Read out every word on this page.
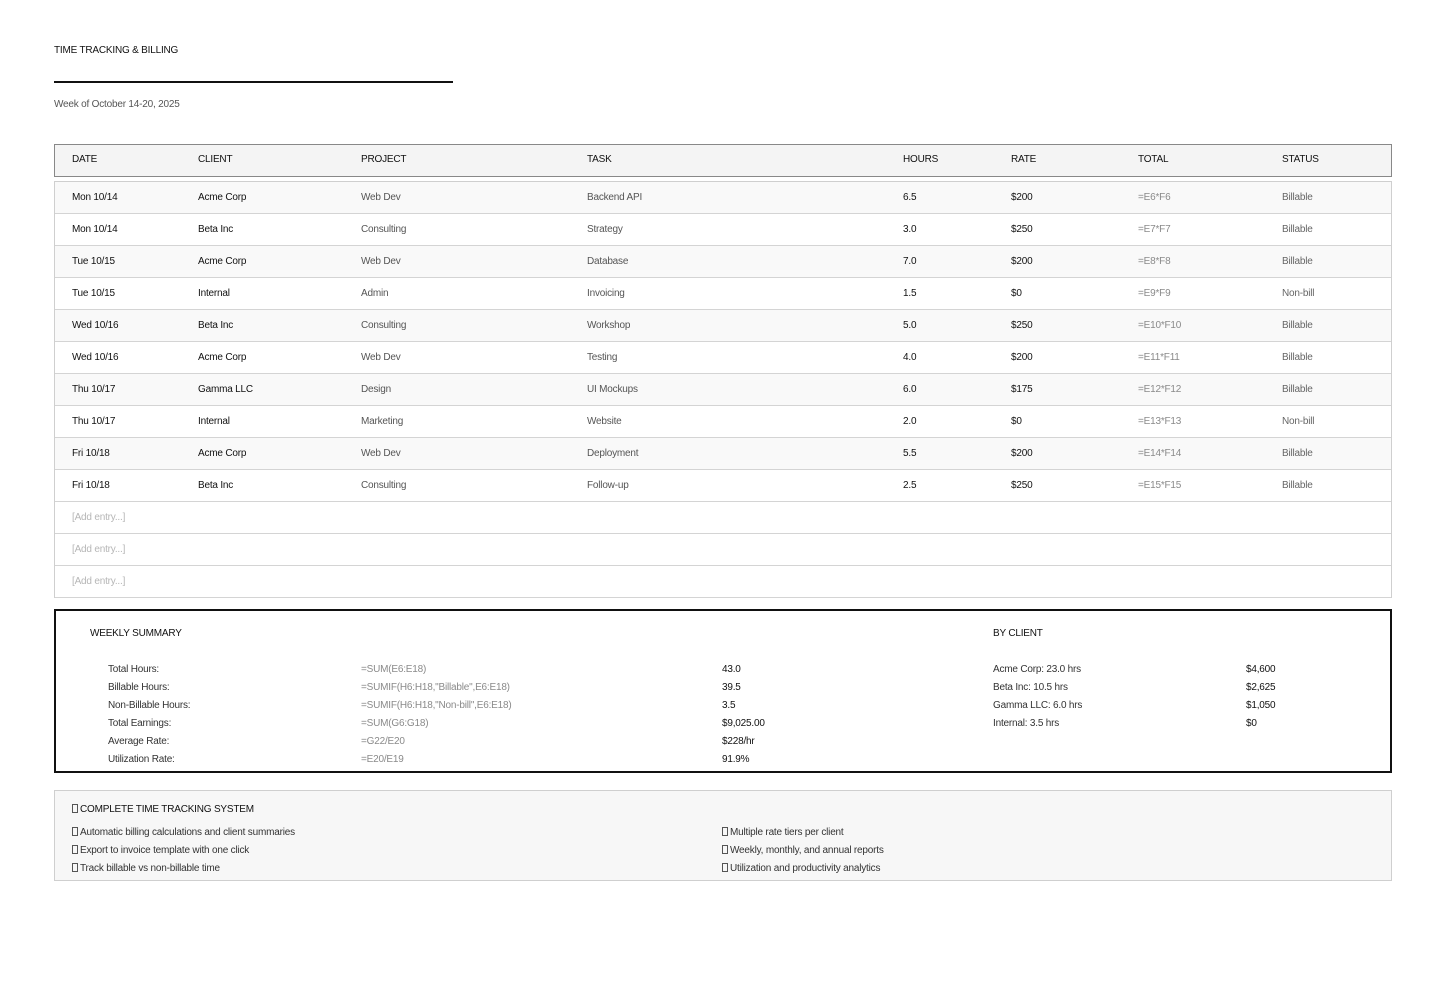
TIME TRACKING & BILLING
Week of October 14-20, 2025
DATE	CLIENT	PROJECT	TASK	HOURS	RATE	TOTAL	STATUS
Mon 10/14	Acme Corp	Web Dev	Backend API	6.5	$200	=E6*F6	Billable
Mon 10/14	Beta Inc	Consulting	Strategy	3.0	$250	=E7*F7	Billable
Tue 10/15	Acme Corp	Web Dev	Database	7.0	$200	=E8*F8	Billable
Tue 10/15	Internal	Admin	Invoicing	1.5	$0	=E9*F9	Non-bill
Wed 10/16	Beta Inc	Consulting	Workshop	5.0	$250	=E10*F10	Billable
Wed 10/16	Acme Corp	Web Dev	Testing	4.0	$200	=E11*F11	Billable
Thu 10/17	Gamma LLC	Design	UI Mockups	6.0	$175	=E12*F12	Billable
Thu 10/17	Internal	Marketing	Website	2.0	$0	=E13*F13	Non-bill
Fri 10/18	Acme Corp	Web Dev	Deployment	5.5	$200	=E14*F14	Billable
Fri 10/18	Beta Inc	Consulting	Follow-up	2.5	$250	=E15*F15	Billable
[Add entry...]
[Add entry...]
[Add entry...]
WEEKLY SUMMARY	BY CLIENT
Total Hours:	=SUM(E6:E18)	43.0
Billable Hours:	=SUMIF(H6:H18,"Billable",E6:E18)	39.5
Non-Billable Hours:	=SUMIF(H6:H18,"Non-bill",E6:E18)	3.5
Total Earnings:	=SUM(G6:G18)	$9,025.00
Average Rate:	=G22/E20	$228/hr
Utilization Rate:	=E20/E19	91.9%
Acme Corp: 23.0 hrs	$4,600
Beta Inc: 10.5 hrs	$2,625
Gamma LLC: 6.0 hrs	$1,050
Internal: 3.5 hrs	$0
COMPLETE TIME TRACKING SYSTEM
Automatic billing calculations and client summaries
Export to invoice template with one click
Track billable vs non-billable time
Multiple rate tiers per client
Weekly, monthly, and annual reports
Utilization and productivity analytics
